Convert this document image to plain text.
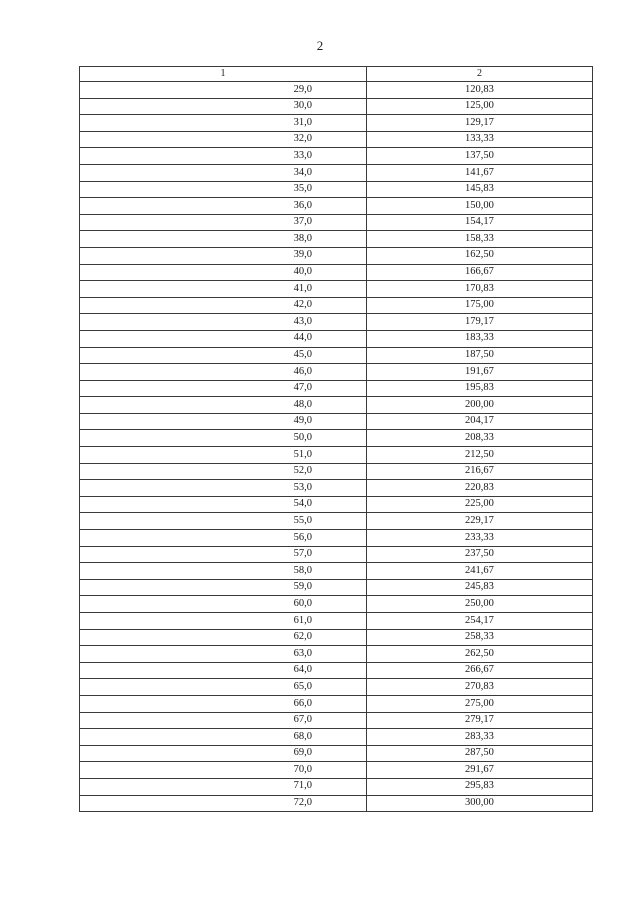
2
1	2
29,0	120,83
30,0	125,00
31,0	129,17
32,0	133,33
33,0	137,50
34,0	141,67
35,0	145,83
36,0	150,00
37,0	154,17
38,0	158,33
39,0	162,50
40,0	166,67
41,0	170,83
42,0	175,00
43,0	179,17
44,0	183,33
45,0	187,50
46,0	191,67
47,0	195,83
48,0	200,00
49,0	204,17
50,0	208,33
51,0	212,50
52,0	216,67
53,0	220,83
54,0	225,00
55,0	229,17
56,0	233,33
57,0	237,50
58,0	241,67
59,0	245,83
60,0	250,00
61,0	254,17
62,0	258,33
63,0	262,50
64,0	266,67
65,0	270,83
66,0	275,00
67,0	279,17
68,0	283,33
69,0	287,50
70,0	291,67
71,0	295,83
72,0	300,00
